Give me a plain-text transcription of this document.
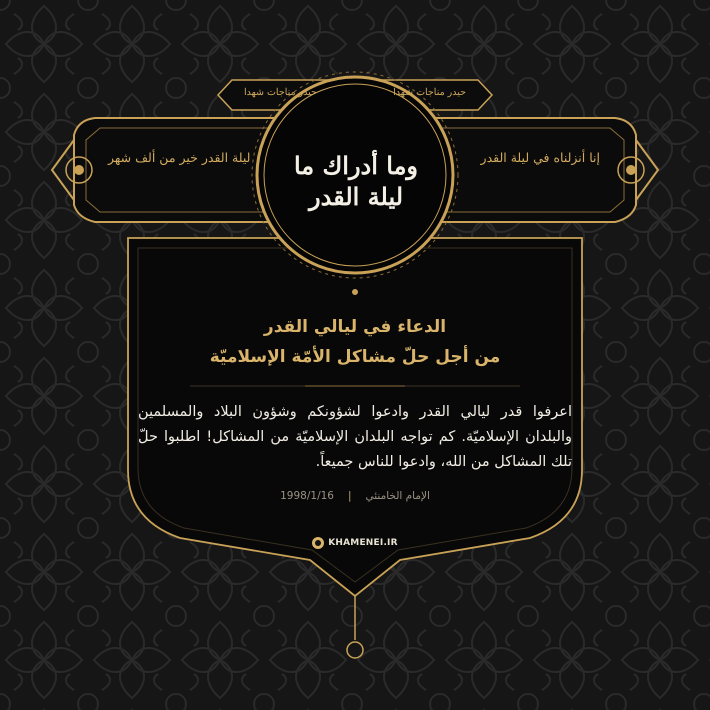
إنا أنزلناه في ليلة القدر
ليلة القدر خير من ألف شهر
حيدر مناجات شهدا
حيدر مناجات شهدا
وما أدراك ما ليلة القدر
الدعاء في ليالي القدر
من أجل حلّ مشاكل الأمّة الإسلاميّة
اعرفوا قدر ليالي القدر وادعوا لشؤونكم وشؤون البلاد والمسلمين والبلدان الإسلاميّة. كم تواجه البلدان الإسلاميّة من المشاكل! اطلبوا حلّ تلك المشاكل من الله، وادعوا للناس جميعاً.
الإمام الخامنئي
|
1998/1/16
KHAMENEI.IR
